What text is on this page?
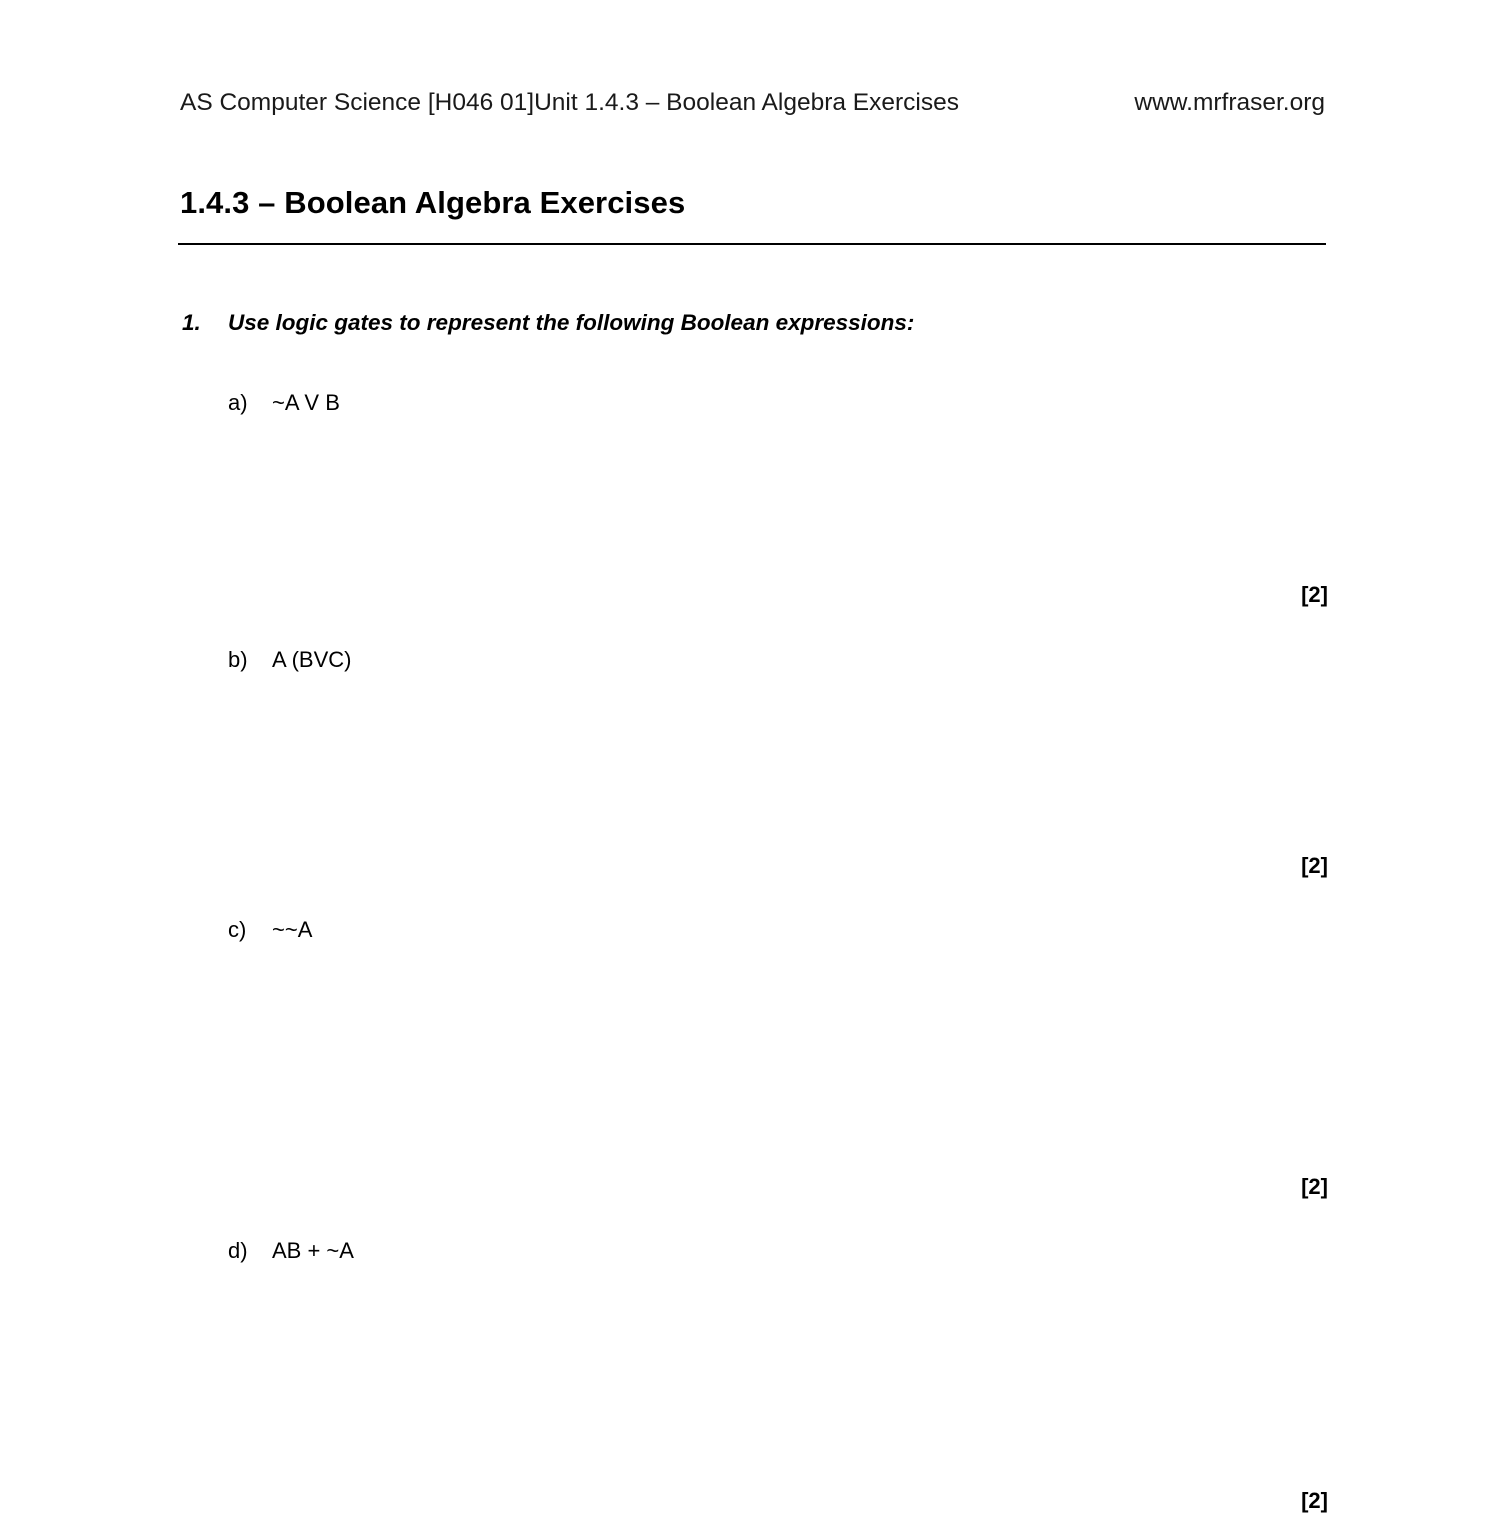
AS Computer Science [H046 01]Unit 1.4.3 – Boolean Algebra Exercises	www.mrfraser.org
1.4.3 – Boolean Algebra Exercises
1. Use logic gates to represent the following Boolean expressions:
a) ~A V B
[2]
b) A (BVC)
[2]
c) ~~A
[2]
d) AB + ~A
[2]
